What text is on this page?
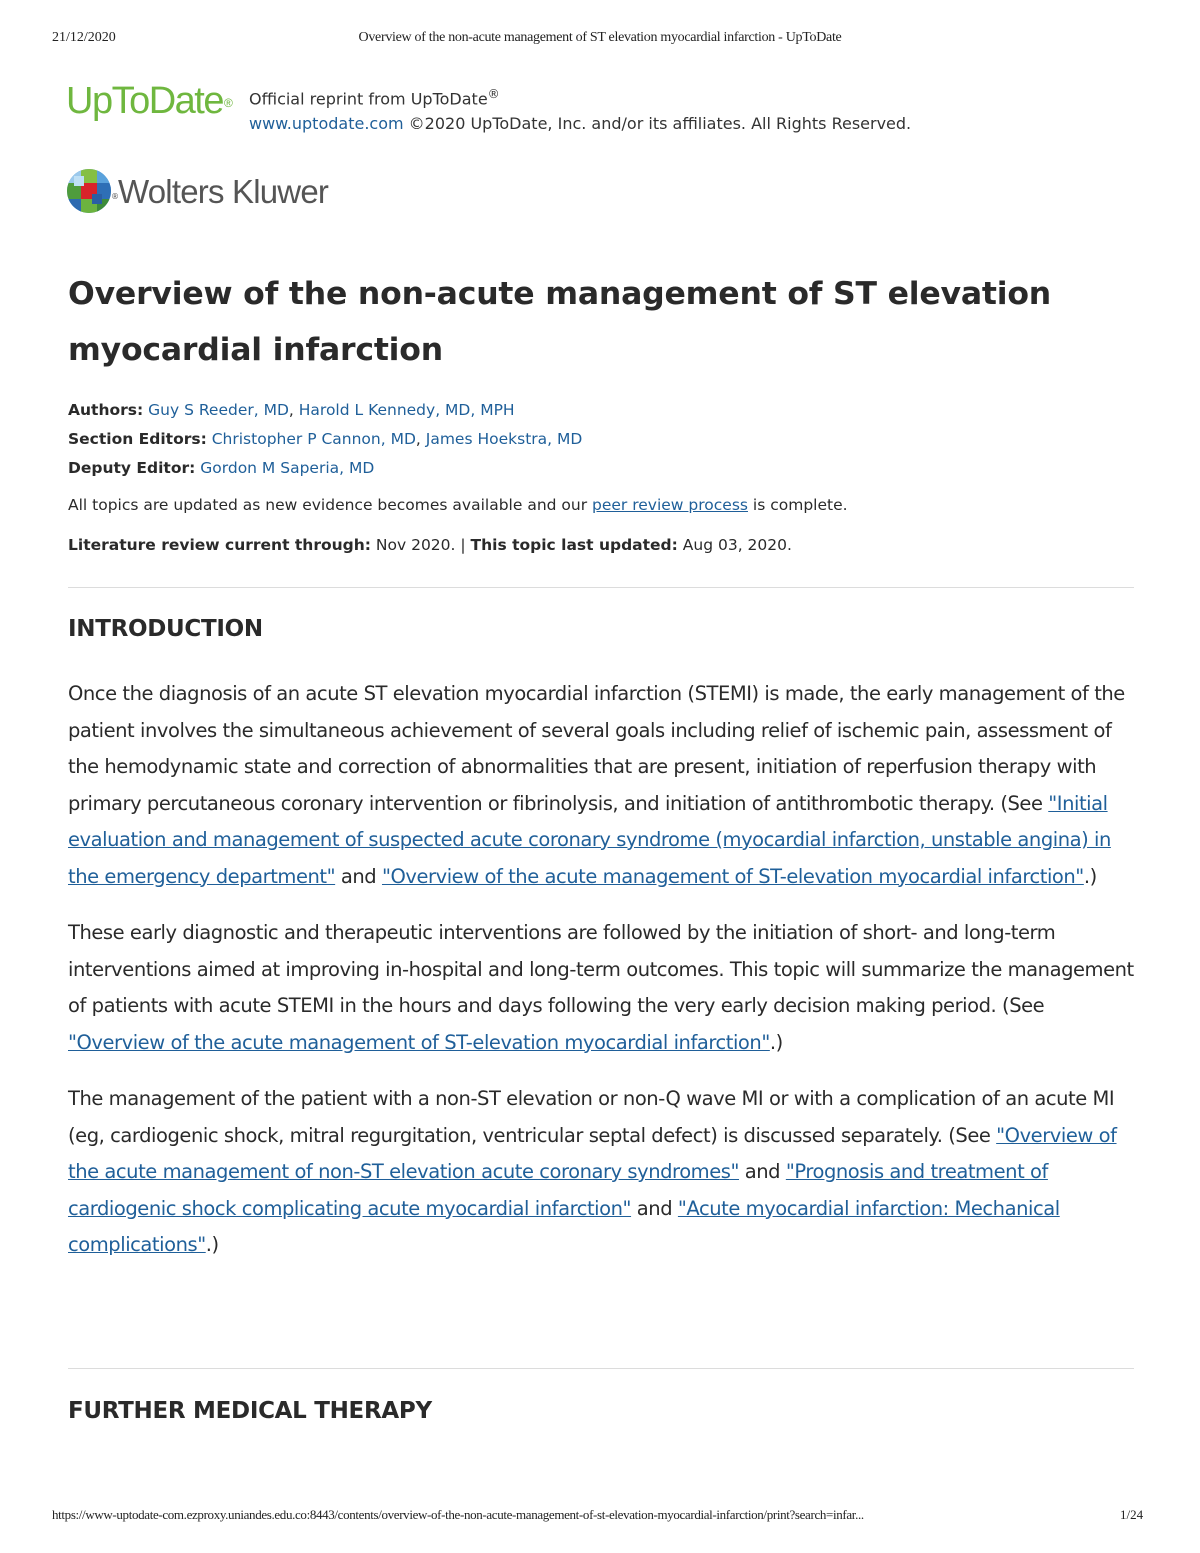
21/12/2020	Overview of the non-acute management of ST elevation myocardial infarction - UpToDate
UpToDate® Official reprint from UpToDate®
www.uptodate.com ©2020 UpToDate, Inc. and/or its affiliates. All Rights Reserved.
® Wolters Kluwer
Overview of the non-acute management of ST elevation myocardial infarction
Authors: Guy S Reeder, MD, Harold L Kennedy, MD, MPH
Section Editors: Christopher P Cannon, MD, James Hoekstra, MD
Deputy Editor: Gordon M Saperia, MD
All topics are updated as new evidence becomes available and our peer review process is complete.
Literature review current through: Nov 2020. | This topic last updated: Aug 03, 2020.
INTRODUCTION

Once the diagnosis of an acute ST elevation myocardial infarction (STEMI) is made, the early management of the patient involves the simultaneous achievement of several goals including relief of ischemic pain, assessment of the hemodynamic state and correction of abnormalities that are present, initiation of reperfusion therapy with primary percutaneous coronary intervention or fibrinolysis, and initiation of antithrombotic therapy. (See "Initial evaluation and management of suspected acute coronary syndrome (myocardial infarction, unstable angina) in the emergency department" and "Overview of the acute management of ST-elevation myocardial infarction".)

These early diagnostic and therapeutic interventions are followed by the initiation of short- and long-term interventions aimed at improving in-hospital and long-term outcomes. This topic will summarize the management of patients with acute STEMI in the hours and days following the very early decision making period. (See "Overview of the acute management of ST-elevation myocardial infarction".)

The management of the patient with a non-ST elevation or non-Q wave MI or with a complication of an acute MI (eg, cardiogenic shock, mitral regurgitation, ventricular septal defect) is discussed separately. (See "Overview of the acute management of non-ST elevation acute coronary syndromes" and "Prognosis and treatment of cardiogenic shock complicating acute myocardial infarction" and "Acute myocardial infarction: Mechanical complications".)

FURTHER MEDICAL THERAPY
https://www-uptodate-com.ezproxy.uniandes.edu.co:8443/contents/overview-of-the-non-acute-management-of-st-elevation-myocardial-infarction/print?search=infar...	1/24
